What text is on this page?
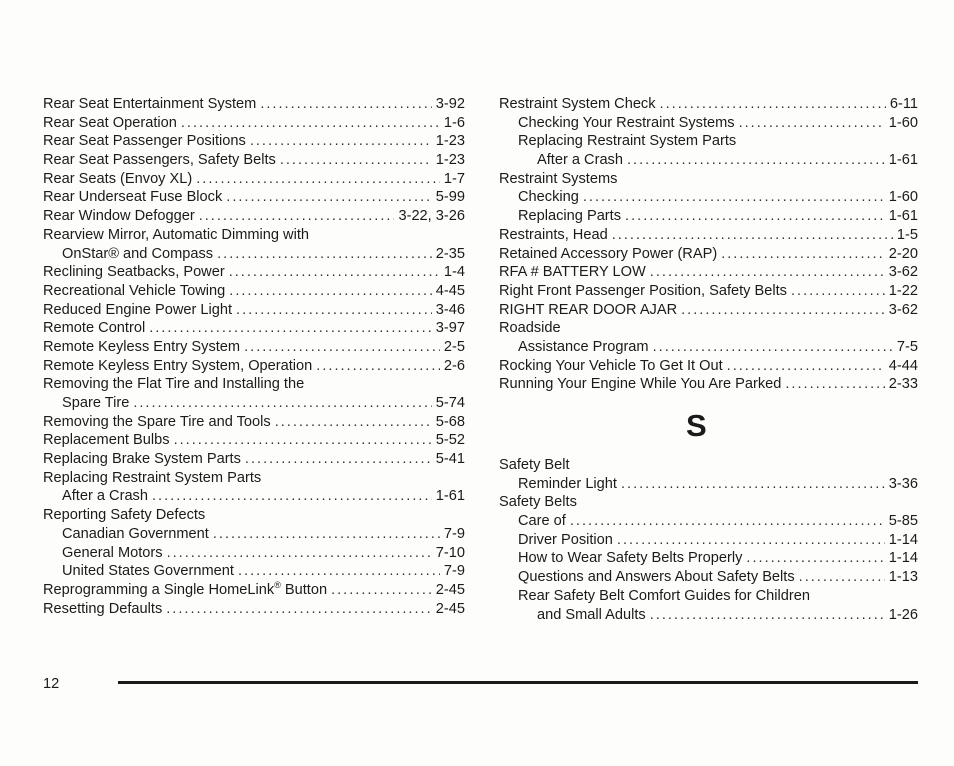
Rear Seat Entertainment System .....	3-92
Rear Seat Operation .....	1-6
Rear Seat Passenger Positions .....	1-23
Rear Seat Passengers, Safety Belts .....	1-23
Rear Seats (Envoy XL) .....	1-7
Rear Underseat Fuse Block .....	5-99
Rear Window Defogger .....	3-22, 3-26
Rearview Mirror, Automatic Dimming with
OnStar® and Compass .....	2-35
Reclining Seatbacks, Power .....	1-4
Recreational Vehicle Towing .....	4-45
Reduced Engine Power Light .....	3-46
Remote Control .....	3-97
Remote Keyless Entry System .....	2-5
Remote Keyless Entry System, Operation .....	2-6
Removing the Flat Tire and Installing the
Spare Tire .....	5-74
Removing the Spare Tire and Tools .....	5-68
Replacement Bulbs .....	5-52
Replacing Brake System Parts .....	5-41
Replacing Restraint System Parts
After a Crash .....	1-61
Reporting Safety Defects
Canadian Government .....	7-9
General Motors .....	7-10
United States Government .....	7-9
Reprogramming a Single HomeLink® Button .....	2-45
Resetting Defaults .....	2-45
Restraint System Check .....	6-11
Checking Your Restraint Systems .....	1-60
Replacing Restraint System Parts
After a Crash .....	1-61
Restraint Systems
Checking .....	1-60
Replacing Parts .....	1-61
Restraints, Head .....	1-5
Retained Accessory Power (RAP) .....	2-20
RFA # BATTERY LOW .....	3-62
Right Front Passenger Position, Safety Belts .....	1-22
RIGHT REAR DOOR AJAR .....	3-62
Roadside
Assistance Program .....	7-5
Rocking Your Vehicle To Get It Out .....	4-44
Running Your Engine While You Are Parked .....	2-33
S
Safety Belt
Reminder Light .....	3-36
Safety Belts
Care of .....	5-85
Driver Position .....	1-14
How to Wear Safety Belts Properly .....	1-14
Questions and Answers About Safety Belts .....	1-13
Rear Safety Belt Comfort Guides for Children
and Small Adults .....	1-26
12
